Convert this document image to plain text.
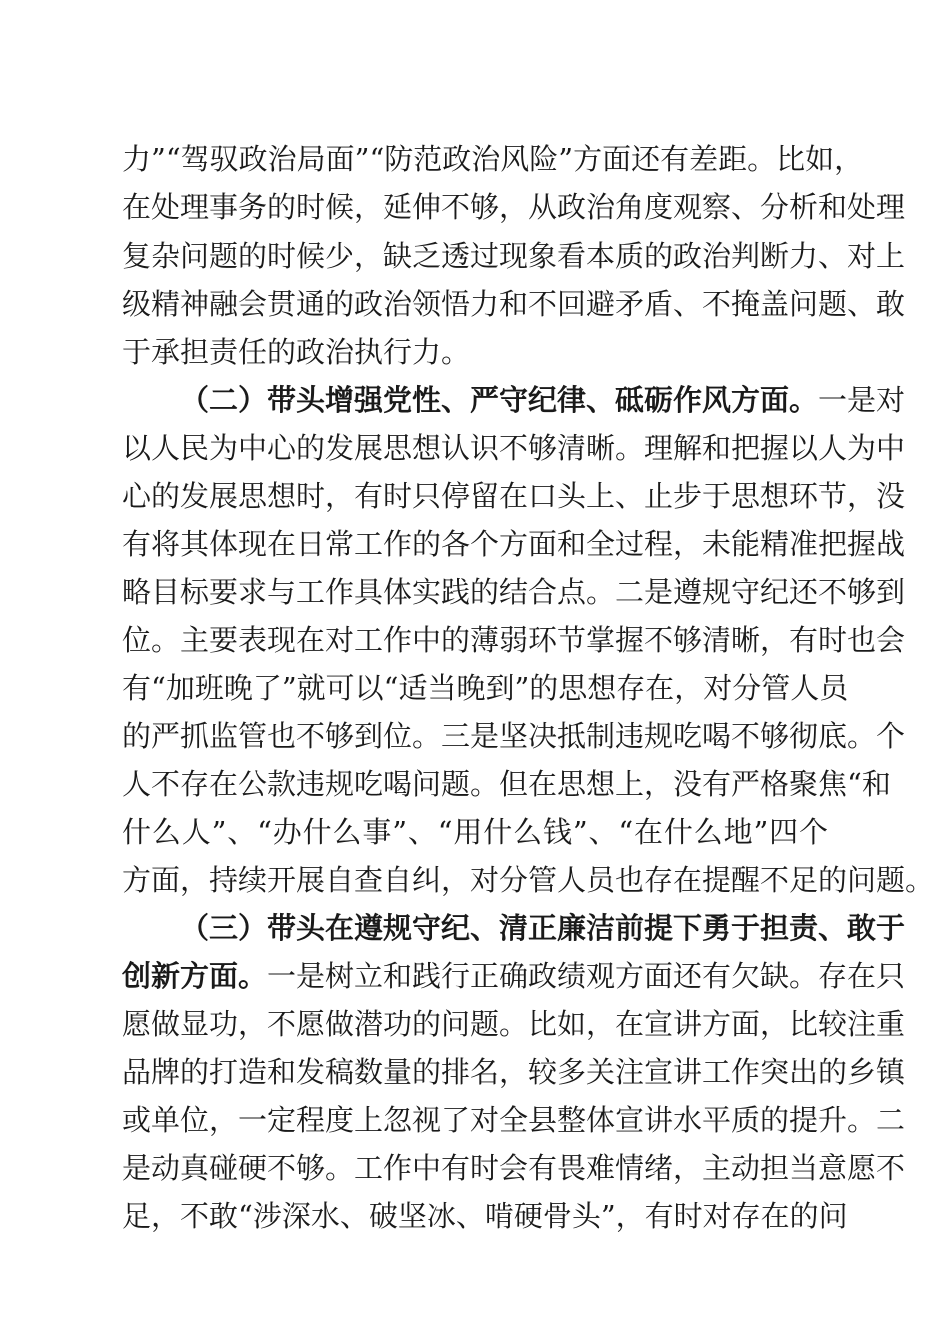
力”“驾驭政治局面”“防范政治风险”方面还有差距。比如，
在处理事务的时候，延伸不够，从政治角度观察、分析和处理
复杂问题的时候少，缺乏透过现象看本质的政治判断力、对上
级精神融会贯通的政治领悟力和不回避矛盾、不掩盖问题、敢
于承担责任的政治执行力。
（二）带头增强党性、严守纪律、砥砺作风方面。一是对
以人民为中心的发展思想认识不够清晰。理解和把握以人为中
心的发展思想时，有时只停留在口头上、止步于思想环节，没
有将其体现在日常工作的各个方面和全过程，未能精准把握战
略目标要求与工作具体实践的结合点。二是遵规守纪还不够到
位。主要表现在对工作中的薄弱环节掌握不够清晰，有时也会
有“加班晚了”就可以“适当晚到”的思想存在，对分管人员
的严抓监管也不够到位。三是坚决抵制违规吃喝不够彻底。个
人不存在公款违规吃喝问题。但在思想上，没有严格聚焦“和
什么人”、“办什么事”、“用什么钱”、“在什么地”四个
方面，持续开展自查自纠，对分管人员也存在提醒不足的问题。
（三）带头在遵规守纪、清正廉洁前提下勇于担责、敢于
创新方面。一是树立和践行正确政绩观方面还有欠缺。存在只
愿做显功，不愿做潜功的问题。比如，在宣讲方面，比较注重
品牌的打造和发稿数量的排名，较多关注宣讲工作突出的乡镇
或单位，一定程度上忽视了对全县整体宣讲水平质的提升。二
是动真碰硬不够。工作中有时会有畏难情绪，主动担当意愿不
足，不敢“涉深水、破坚冰、啃硬骨头”，有时对存在的问
